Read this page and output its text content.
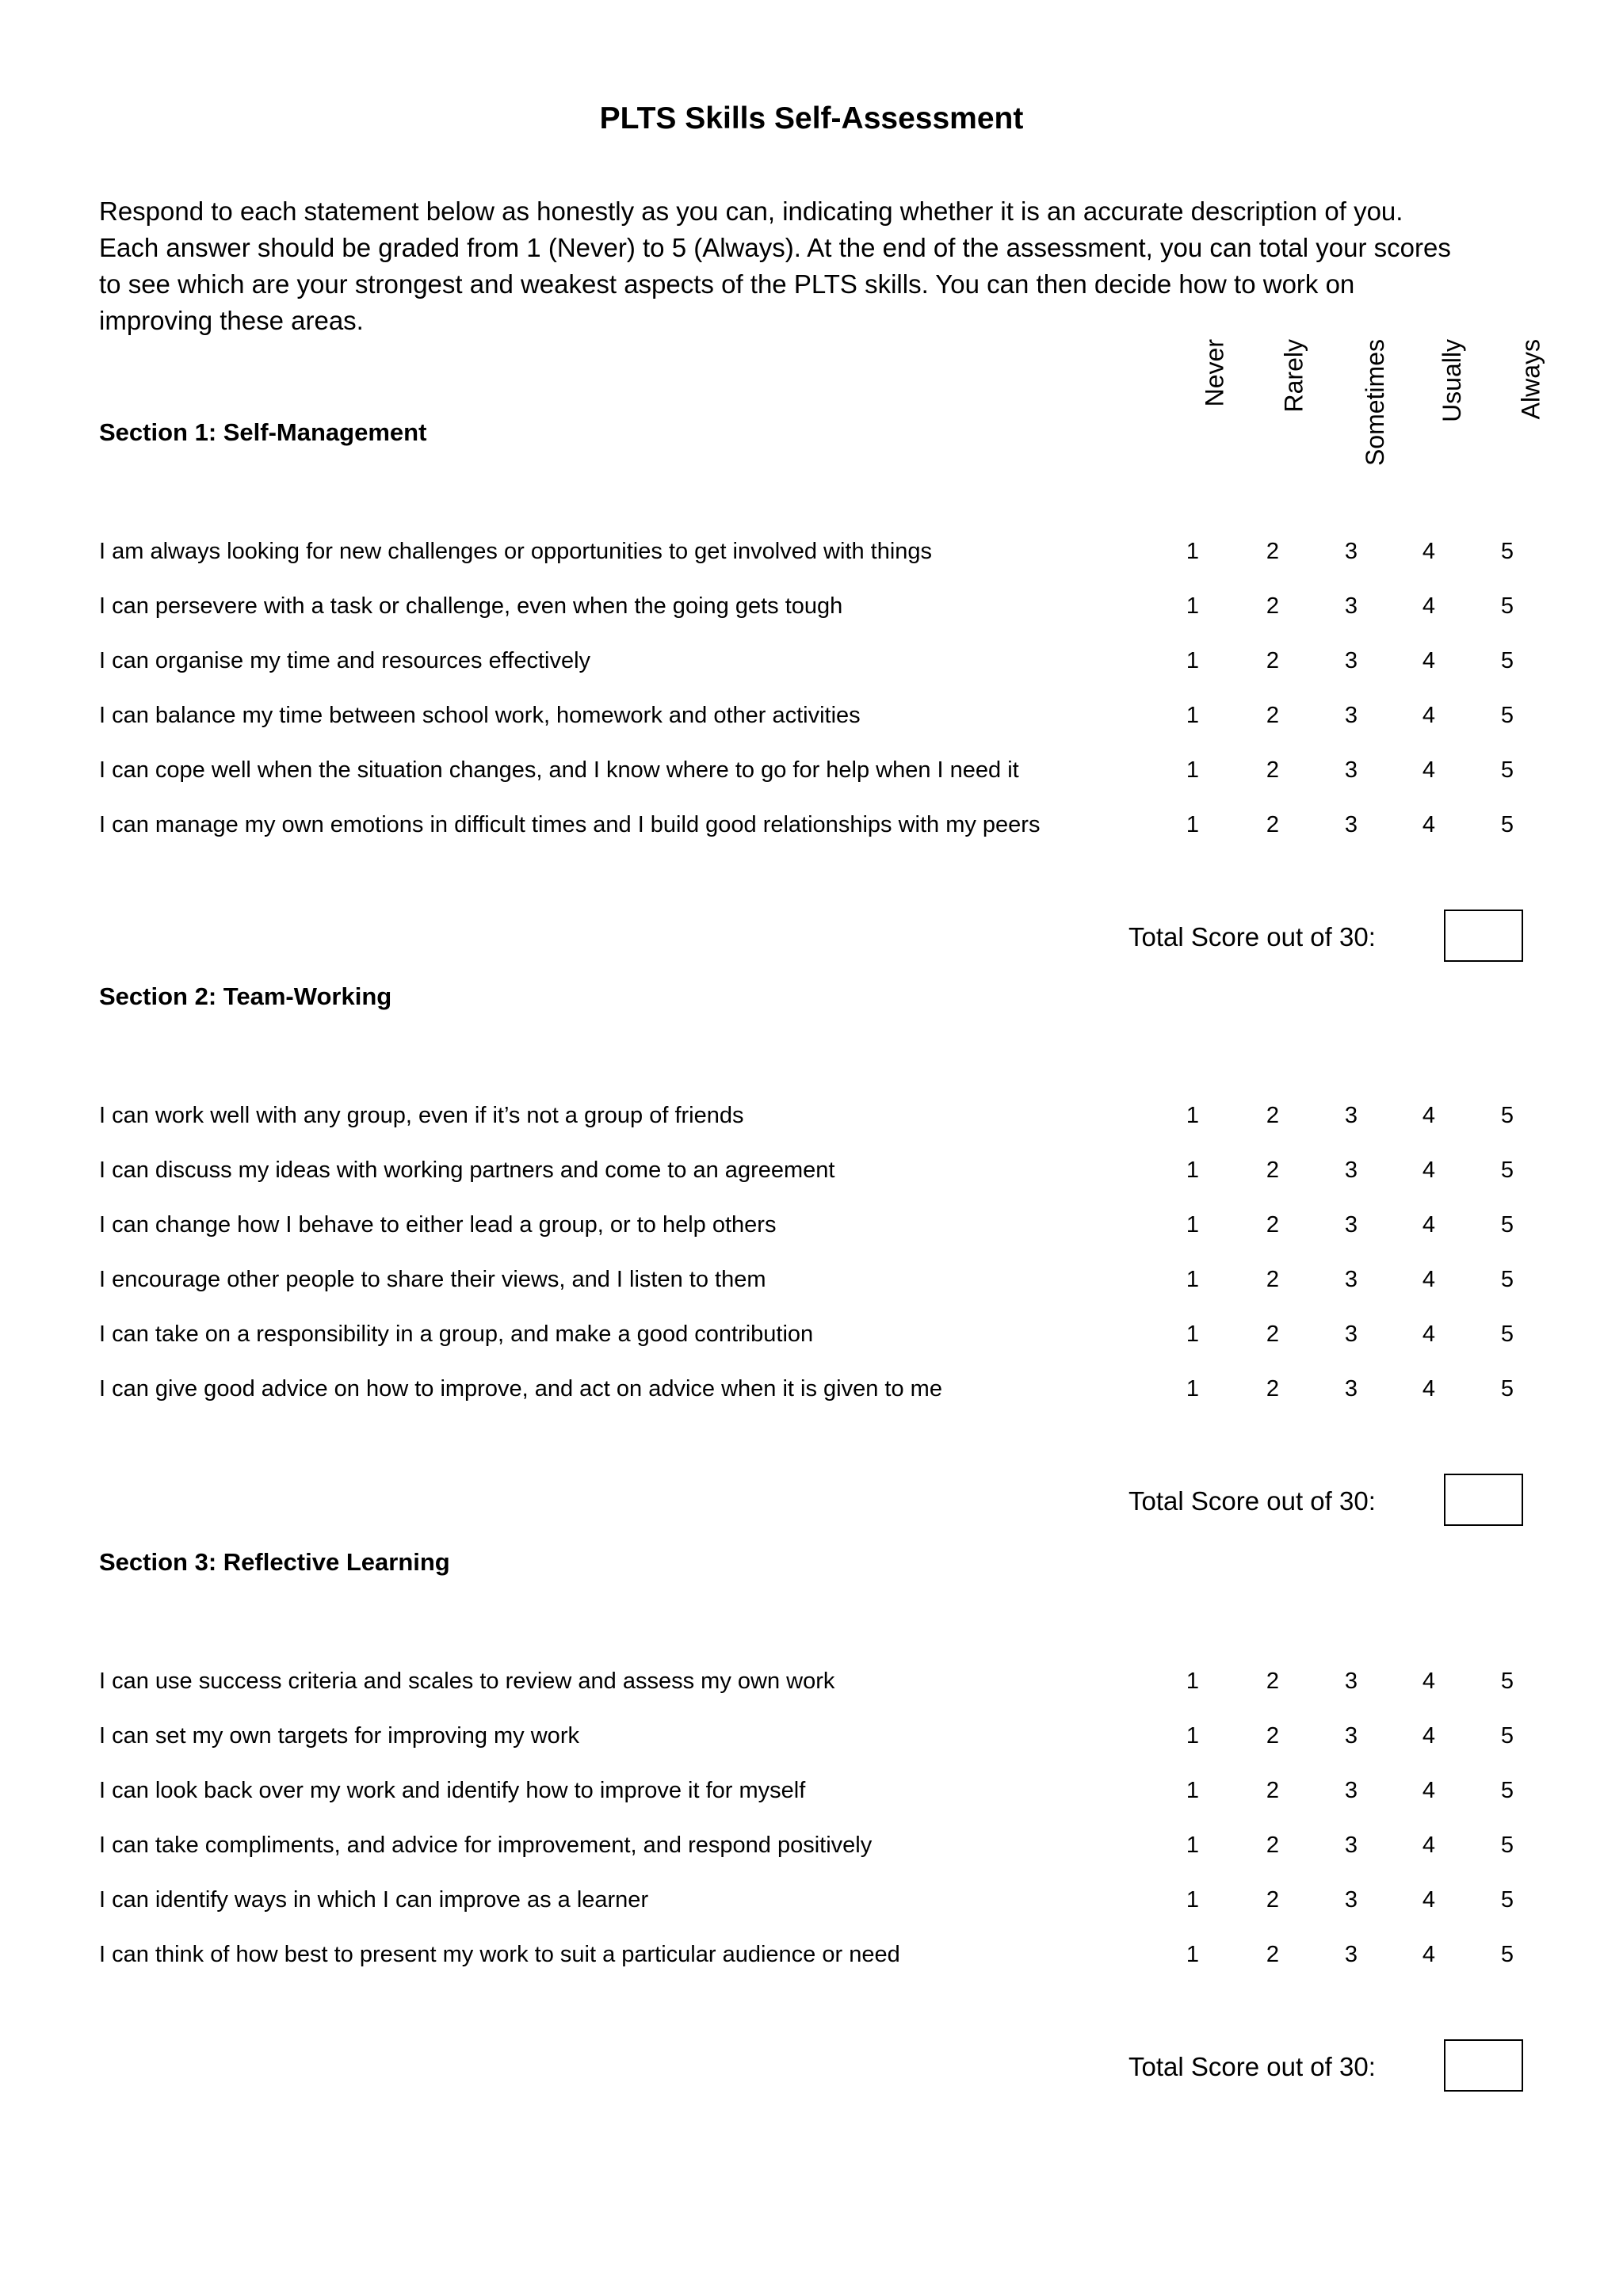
PLTS Skills Self-Assessment
Respond to each statement below as honestly as you can, indicating whether it is an accurate description of you.
Each answer should be graded from 1 (Never) to 5 (Always). At the end of the assessment, you can total your scores
to see which are your strongest and weakest aspects of the PLTS skills. You can then decide how to work on
improving these areas.
Never Rarely Sometimes Usually Always
Section 1: Self-Management
I am always looking for new challenges or opportunities to get involved with things	1	2	3	4	5
I can persevere with a task or challenge, even when the going gets tough	1	2	3	4	5
I can organise my time and resources effectively	1	2	3	4	5
I can balance my time between school work, homework and other activities	1	2	3	4	5
I can cope well when the situation changes, and I know where to go for help when I need it	1	2	3	4	5
I can manage my own emotions in difficult times and I build good relationships with my peers	1	2	3	4	5
Total Score out of 30:
Section 2: Team-Working
I can work well with any group, even if it’s not a group of friends	1	2	3	4	5
I can discuss my ideas with working partners and come to an agreement	1	2	3	4	5
I can change how I behave to either lead a group, or to help others	1	2	3	4	5
I encourage other people to share their views, and I listen to them	1	2	3	4	5
I can take on a responsibility in a group, and make a good contribution	1	2	3	4	5
I can give good advice on how to improve, and act on advice when it is given to me	1	2	3	4	5
Total Score out of 30:
Section 3: Reflective Learning
I can use success criteria and scales to review and assess my own work	1	2	3	4	5
I can set my own targets for improving my work	1	2	3	4	5
I can look back over my work and identify how to improve it for myself	1	2	3	4	5
I can take compliments, and advice for improvement, and respond positively	1	2	3	4	5
I can identify ways in which I can improve as a learner	1	2	3	4	5
I can think of how best to present my work to suit a particular audience or need	1	2	3	4	5
Total Score out of 30:
